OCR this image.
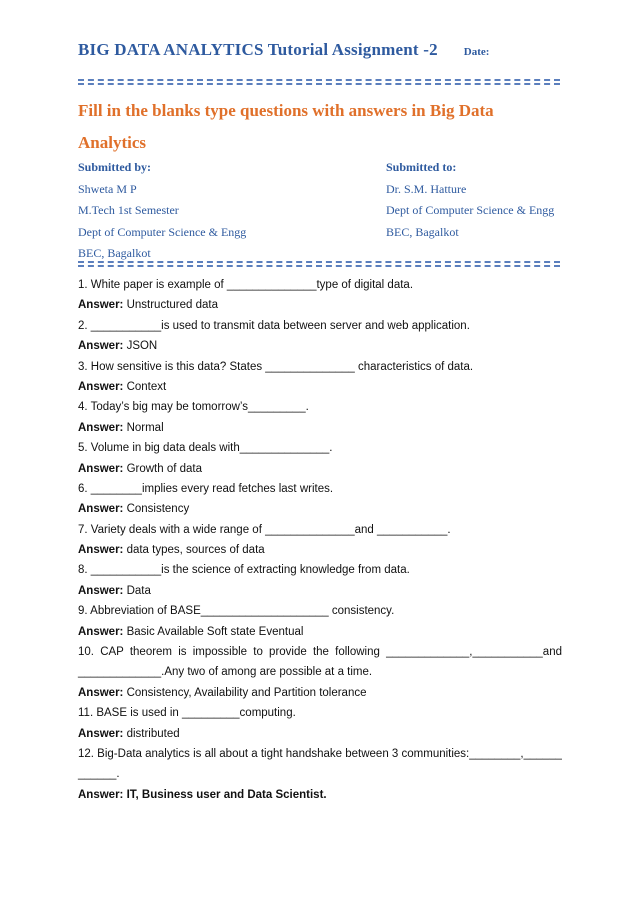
BIG DATA ANALYTICS Tutorial Assignment -2 Date:
Fill in the blanks type questions with answers in Big Data Analytics
Submitted by:
Shweta M P
M.Tech 1st Semester
Dept of Computer Science & Engg
BEC, Bagalkot
Submitted to:
Dr. S.M. Hatture
Dept of Computer Science & Engg
BEC, Bagalkot
1. White paper is example of ______________type of digital data.
Answer: Unstructured data
2. ___________is used to transmit data between server and web application.
Answer: JSON
3. How sensitive is this data? States ______________ characteristics of data.
Answer: Context
4. Today’s big may be tomorrow’s_________.
Answer: Normal
5. Volume in big data deals with______________.
Answer: Growth of data
6. ________implies every read fetches last writes.
Answer: Consistency
7. Variety deals with a wide range of ______________and ___________.
Answer: data types, sources of data
8. ___________is the science of extracting knowledge from data.
Answer: Data
9. Abbreviation of BASE____________________ consistency.
Answer: Basic Available Soft state Eventual
10. CAP theorem is impossible to provide the following _____________,___________and
_____________.Any two of among are possible at a time.
Answer: Consistency, Availability and Partition tolerance
11. BASE is used in _________computing.
Answer: distributed
12. Big-Data analytics is all about a tight handshake between 3 communities:________,______
______.
Answer: IT, Business user and Data Scientist.
